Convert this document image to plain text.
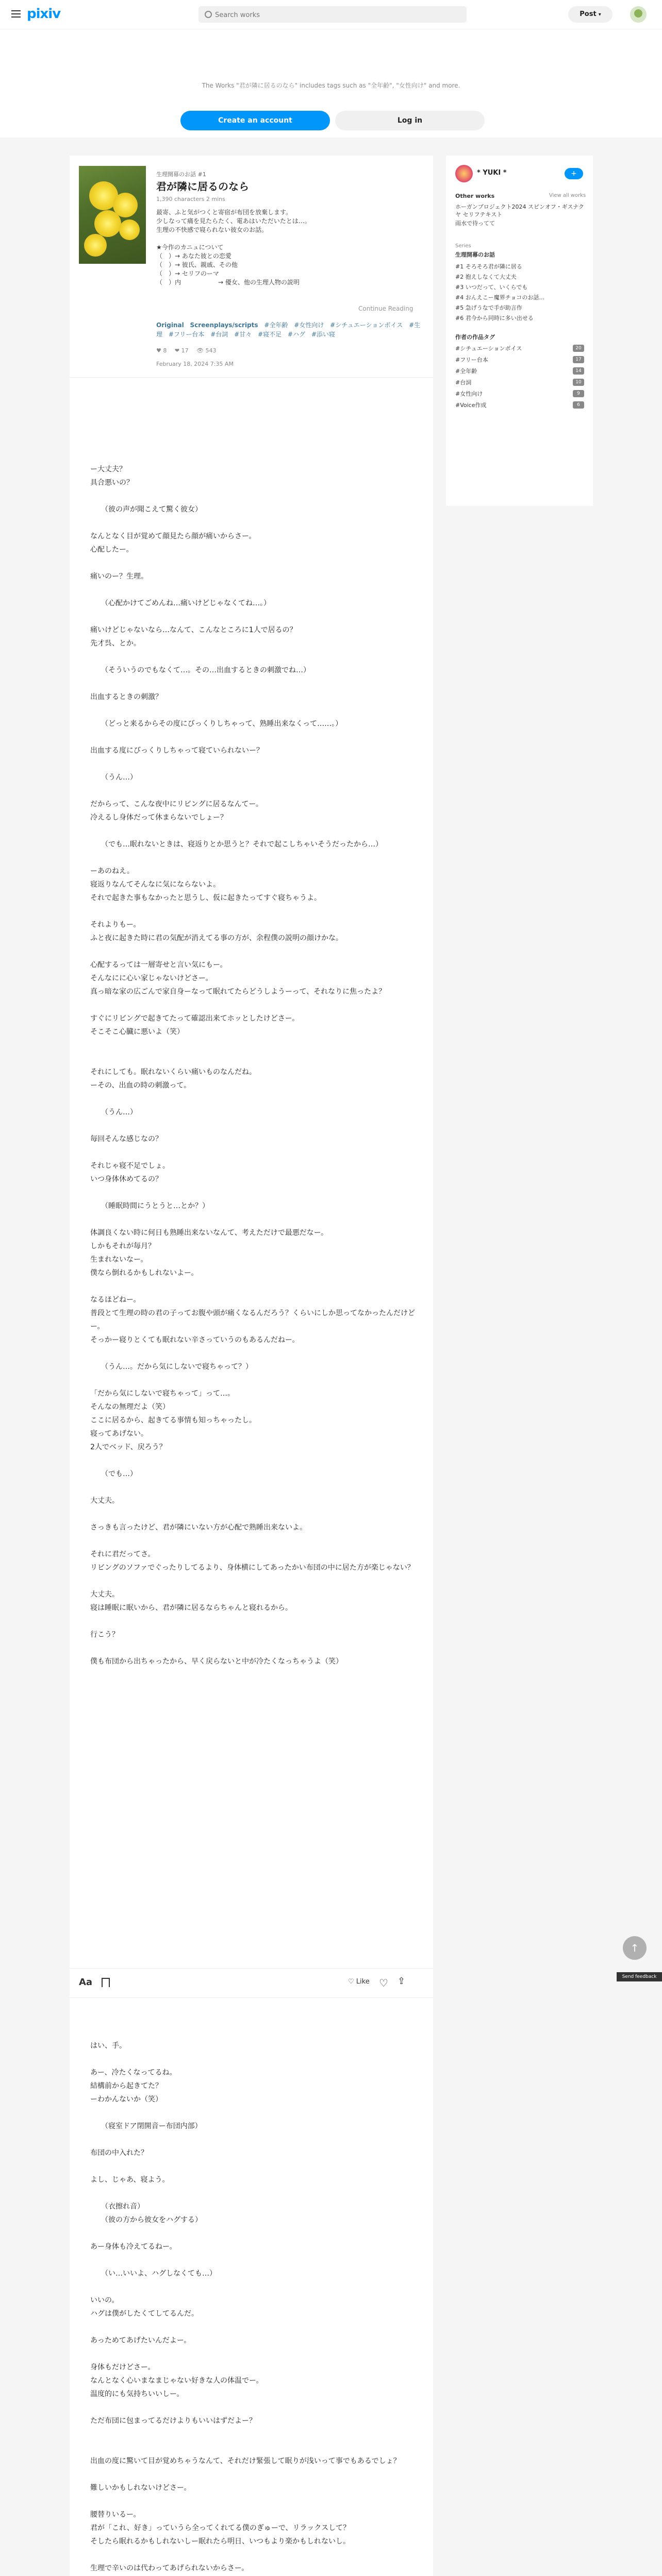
pixiv
Search works	Post ▾
The Works "君が隣に居るのなら" includes tags such as "全年齢", "女性向け" and more.
Create an account	Log in
生理開幕のお話 #1
君が隣に居るのなら
1,390 characters 2 mins
最寄、ふと気がつくと寄宿が布団を放棄します。
少しなって痛を見たらたく、電あはいただいたとは…。
生理の不快感で寝られない彼女のお話。

★今作のカニュについて
（　）→ あなた彼との恋愛
（　）→ 彼氏、親戚、その他
（　）→ セリフのーマ
（　）内　　　　　　→ 優女、他の生理人物の説明
Continue Reading
Original Screenplays/scripts #全年齢 #女性向け #シチュエーションボイス #生理 #フリー台本 #台詞 #甘々 #寝不足 #ハグ #添い寝
♥ 8 ❤ 17 👁 543
February 18, 2024 7:35 AM

ー大丈夫？

具合悪いの？

　　（彼の声が聞こえて驚く彼女）

なんとなく目が覚めて顔見たら顔が痛いからさー。

心配したー。

痛いのー？生理。

　　（心配かけてごめんね…痛いけどじゃなくてね…。）

痛いけどじゃないなら…なんて、こんなところに1人で居るの？

先才呉、とか。

　　（そういうのでもなくて…。その…出血するときの刺激でね…）

出血するときの刺激？

　　（どっと来るからその度にびっくりしちゃって、熟睡出来なくって……。）

出血する度にびっくりしちゃって寝ていられないー？

　　（うん…）

だからって、こんな夜中にリビングに居るなんてー。

冷えるし身体だって休まらないでしょー？

　　（でも…眠れないときは、寝返りとか思うと？それで起こしちゃいそうだったから…）

ーあのねえ。

寝返りなんてそんなに気にならないよ。

それで起きた事もなかったと思うし、仮に起きたってすぐ寝ちゃうよ。

それよりもー。

ふと夜に起きた時に君の気配が消えてる事の方が、余程僕の説明の顔けかな。

心配するっては一層寄せと言い気にもー。

そんなにに心い家じゃないけどさー。

真っ暗な家の広ごんで家自身ーなって眠れてたらどうしようーって、それなりに焦ったよ？

すぐにリビングで起きてたって確認出来てホッとしたけどさー。

そこそこ心臓に悪いよ（笑）

それにしても。眠れないくらい痛いものなんだね。

ーその、出血の時の刺激って。

　　（うん…）

毎回そんな感じなの？

それじゃ寝不足でしょ。

いつ身体休めてるの？

　　（睡眠時間にうとうと…とか？）

体調良くない時に何日も熟睡出来ないなんて、考えただけで最悪だなー。

しかもそれが毎月？

生まれないなー。

僕なら倒れるかもしれないよー。

なるほどねー。

普段とて生理の時の君の子ってお腹や頭が痛くなるんだろう？くらいにしか思ってなかったんだけどー。

そっかー寝りとくても眠れない辛さっていうのもあるんだねー。

　　（うん…。だから気にしないで寝ちゃって？）

「だから気にしないで寝ちゃって」って…。

そんなの無理だよ（笑）

ここに居るから、起きてる事情も知っちゃったし。

寝ってあげない。

2人でベッド、戻ろう？

　　（でも…）

大丈夫。

さっきも言ったけど、君が隣にいない方が心配で熟睡出来ないよ。

それに君だってさ。

リビングのソファでぐったりしてるより、身体横にしてあったかい布団の中に居た方が楽じゃない？

大丈夫。

寝は睡眠に眠いから、君が隣に居るならちゃんと寝れるから。

行こう？

僕も布団から出ちゃったから、早く戻らないと中が冷たくなっちゃうよ（笑）

Aa	♡ Like ♡ ⇪

はい、手。

あー、冷たくなってるね。

結構前から起きてた？

ーわかんないか（笑）

　　（寝室ドア閉開音ー布団内部）

布団の中入れた？

よし、じゃあ、寝よう。

　　（衣擦れ音）

　　（彼の方から彼女をハグする）

あー身体も冷えてるねー。

　　（い…いいよ、ハグしなくても…）

いいの。

ハグは僕がしたくてしてるんだ。

あっためてあげたいんだよー。

身体もだけどさー。

なんとなく心いまなまじゃない好きな人の体温でー。

温度的にも気持ちいいしー。

ただ布団に包まってるだけよりもいいはずだよー？

出血の度に驚いて目が覚めちゃうなんて、それだけ緊張して眠りが浅いって事でもあるでしょ？

難しいかもしれないけどさー。

腰替りいるー。

君が「これ、好き」っていうら全ってくれてる僕のぎゅーで、リラックスして？

そしたら眠れるかもしれないしー眠れたら明日、いつもより楽かもしれないし。

生理で辛いのは代わってあげられないからさー。

* YUKI *	+
Other works	View all works
ホーガンプロジェクト2024 スピンオフ・ギスナクヤ セリフテキスト
雨水で待ってて
Series
生理開幕のお話
#1 そろそろ君が隣に居る
#2 抱えしなくて大丈夫
#3 いつだって、いくらでも
#4 おんえこー魔界チョコのお話…
#5 急げうなで手が助言作
#6 君今から同時に多い出せる
作者の作品タグ
#シチュエーションボイス	20
#フリー台本	17
#全年齢	14
#台詞	10
#女性向け	9
#Voice作成	6
↑
Send feedback
